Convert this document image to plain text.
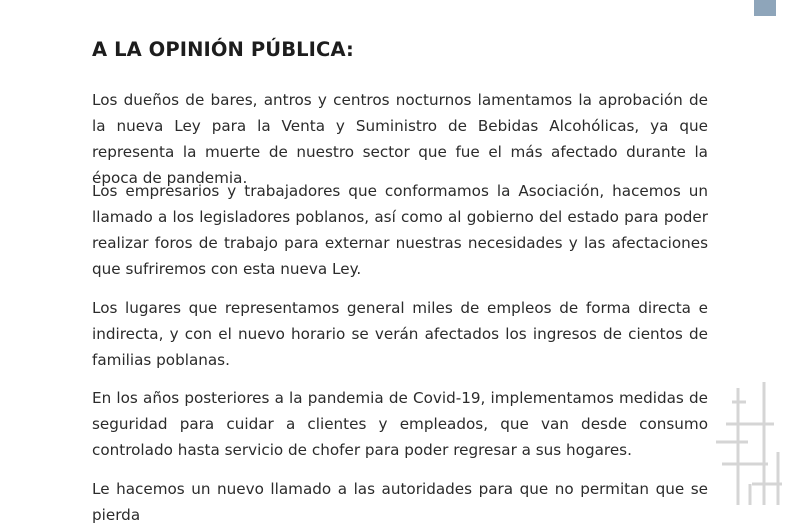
A LA OPINIÓN PÚBLICA:

Los dueños de bares, antros y centros nocturnos lamentamos la aprobación de la nueva Ley para la Venta y Suministro de Bebidas Alcohólicas, ya que representa la muerte de nuestro sector que fue el más afectado durante la época de pandemia.

Los empresarios y trabajadores que conformamos la Asociación, hacemos un llamado a los legisladores poblanos, así como al gobierno del estado para poder realizar foros de trabajo para externar nuestras necesidades y las afectaciones que sufriremos con esta nueva Ley.

Los lugares que representamos general miles de empleos de forma directa e indirecta, y con el nuevo horario se verán afectados los ingresos de cientos de familias poblanas.

En los años posteriores a la pandemia de Covid-19, implementamos medidas de seguridad para cuidar a clientes y empleados, que van desde consumo controlado hasta servicio de chofer para poder regresar a sus hogares.

Le hacemos un nuevo llamado a las autoridades para que no permitan que se pierda
